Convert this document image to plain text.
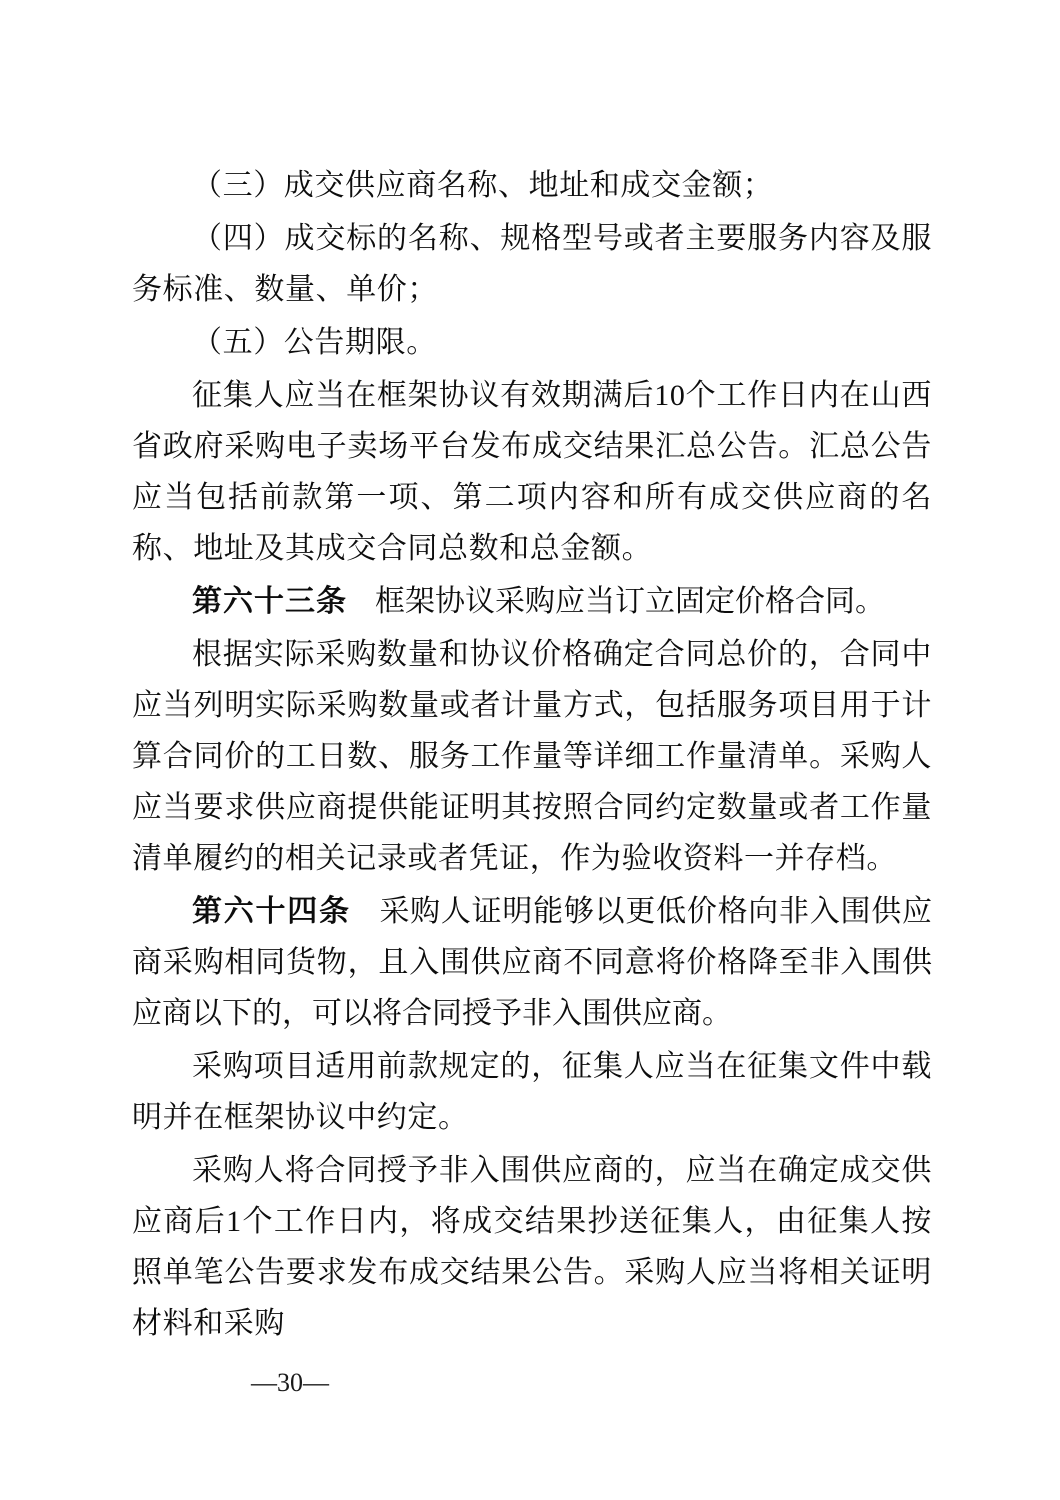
（三）成交供应商名称、地址和成交金额；

（四）成交标的名称、规格型号或者主要服务内容及服务标准、数量、单价；

（五）公告期限。

征集人应当在框架协议有效期满后10个工作日内在山西省政府采购电子卖场平台发布成交结果汇总公告。汇总公告应当包括前款第一项、第二项内容和所有成交供应商的名称、地址及其成交合同总数和总金额。

第六十三条 框架协议采购应当订立固定价格合同。

根据实际采购数量和协议价格确定合同总价的，合同中应当列明实际采购数量或者计量方式，包括服务项目用于计算合同价的工日数、服务工作量等详细工作量清单。采购人应当要求供应商提供能证明其按照合同约定数量或者工作量清单履约的相关记录或者凭证，作为验收资料一并存档。

第六十四条 采购人证明能够以更低价格向非入围供应商采购相同货物，且入围供应商不同意将价格降至非入围供应商以下的，可以将合同授予非入围供应商。

采购项目适用前款规定的，征集人应当在征集文件中载明并在框架协议中约定。

采购人将合同授予非入围供应商的，应当在确定成交供应商后1个工作日内，将成交结果抄送征集人，由征集人按照单笔公告要求发布成交结果公告。采购人应当将相关证明材料和采购

—30—
